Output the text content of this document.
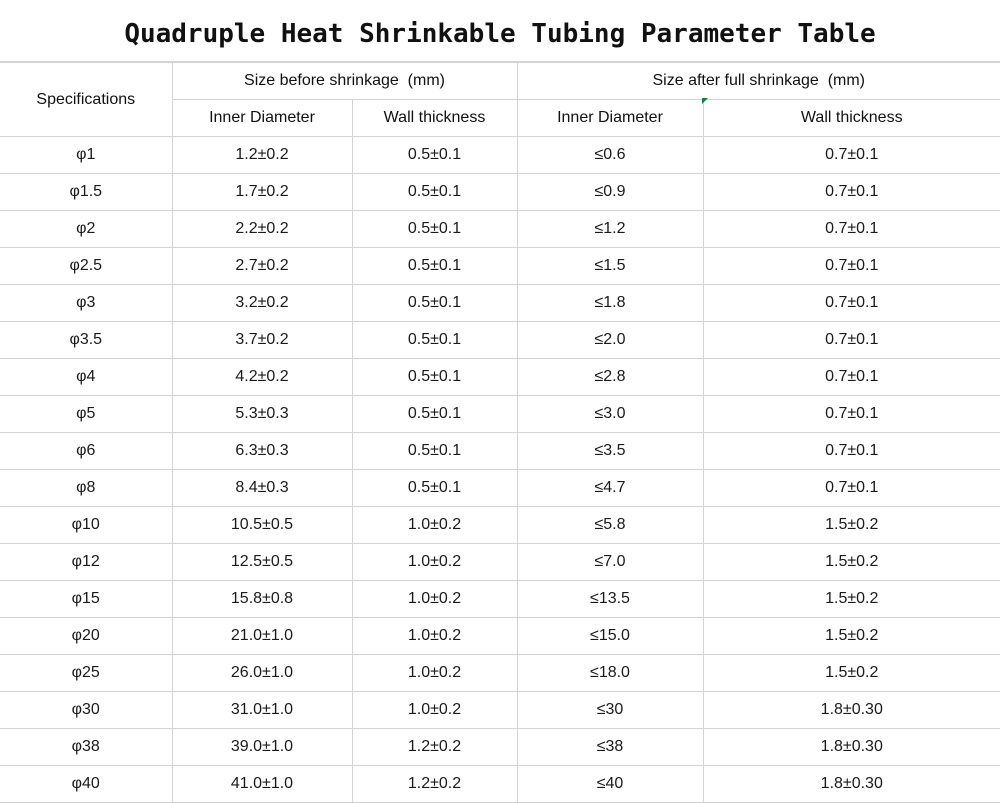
Quadruple Heat Shrinkable Tubing Parameter Table
Specifications	Size before shrinkage  (mm)		Size after full shrinkage  (mm)	
	Inner Diameter	Wall thickness	Inner Diameter	Wall thickness
φ1	1.2±0.2	0.5±0.1	≤0.6	0.7±0.1
φ1.5	1.7±0.2	0.5±0.1	≤0.9	0.7±0.1
φ2	2.2±0.2	0.5±0.1	≤1.2	0.7±0.1
φ2.5	2.7±0.2	0.5±0.1	≤1.5	0.7±0.1
φ3	3.2±0.2	0.5±0.1	≤1.8	0.7±0.1
φ3.5	3.7±0.2	0.5±0.1	≤2.0	0.7±0.1
φ4	4.2±0.2	0.5±0.1	≤2.8	0.7±0.1
φ5	5.3±0.3	0.5±0.1	≤3.0	0.7±0.1
φ6	6.3±0.3	0.5±0.1	≤3.5	0.7±0.1
φ8	8.4±0.3	0.5±0.1	≤4.7	0.7±0.1
φ10	10.5±0.5	1.0±0.2	≤5.8	1.5±0.2
φ12	12.5±0.5	1.0±0.2	≤7.0	1.5±0.2
φ15	15.8±0.8	1.0±0.2	≤13.5	1.5±0.2
φ20	21.0±1.0	1.0±0.2	≤15.0	1.5±0.2
φ25	26.0±1.0	1.0±0.2	≤18.0	1.5±0.2
φ30	31.0±1.0	1.0±0.2	≤30	1.8±0.30
φ38	39.0±1.0	1.2±0.2	≤38	1.8±0.30
φ40	41.0±1.0	1.2±0.2	≤40	1.8±0.30
